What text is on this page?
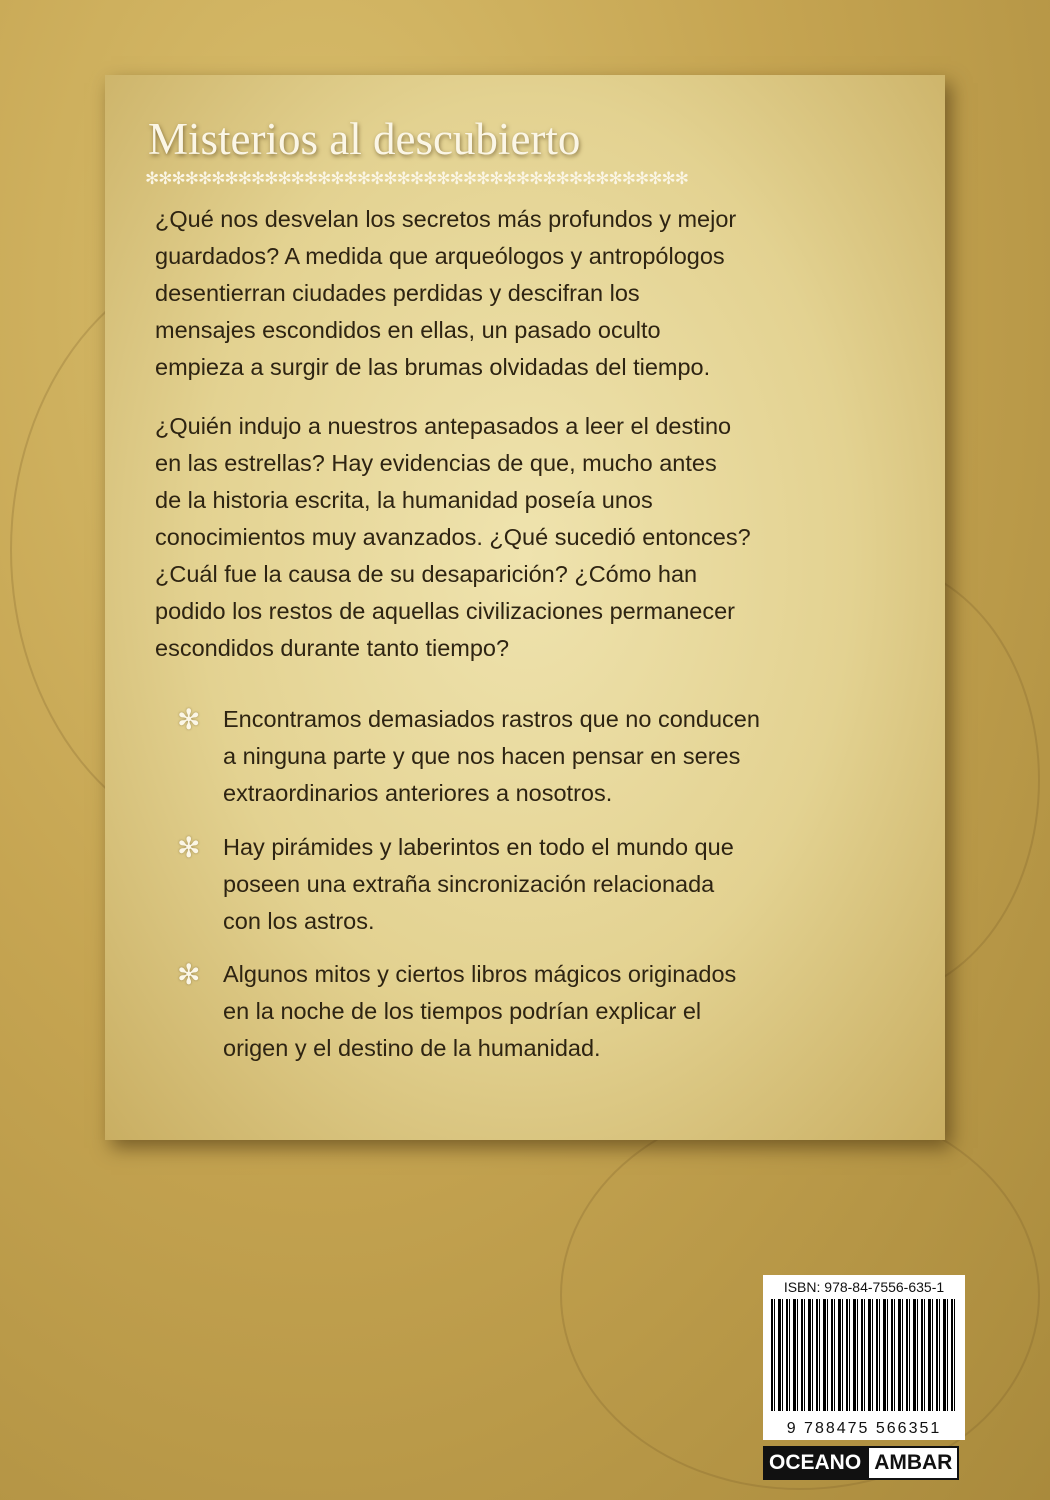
Misterios al descubierto
✻✻✻✻✻✻✻✻✻✻✻✻✻✻✻✻✻✻✻✻✻✻✻✻✻✻✻✻✻✻✻✻✻✻✻✻✻✻✻✻✻
¿Qué nos desvelan los secretos más profundos y mejor
guardados? A medida que arqueólogos y antropólogos
desentierran ciudades perdidas y descifran los
mensajes escondidos en ellas, un pasado oculto
empieza a surgir de las brumas olvidadas del tiempo.
¿Quién indujo a nuestros antepasados a leer el destino
en las estrellas? Hay evidencias de que, mucho antes
de la historia escrita, la humanidad poseía unos
conocimientos muy avanzados. ¿Qué sucedió entonces?
¿Cuál fue la causa de su desaparición? ¿Cómo han
podido los restos de aquellas civilizaciones permanecer
escondidos durante tanto tiempo?
✻ Encontramos demasiados rastros que no conducen
a ninguna parte y que nos hacen pensar en seres
extraordinarios anteriores a nosotros.
✻ Hay pirámides y laberintos en todo el mundo que
poseen una extraña sincronización relacionada
con los astros.
✻ Algunos mitos y ciertos libros mágicos originados
en la noche de los tiempos podrían explicar el
origen y el destino de la humanidad.
ISBN: 978-84-7556-635-1
9 788475 566351
OCEANO AMBAR
